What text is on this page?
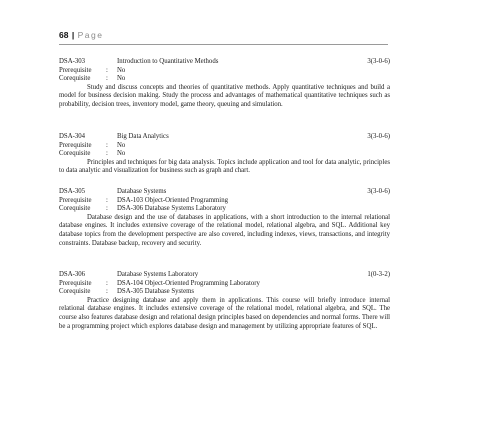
68 | Page
DSA-303	Introduction to Quantitative Methods	3(3-0-6)
Prerequisite : No
Corequisite : No

Study and discuss concepts and theories of quantitative methods. Apply quantitative techniques and build a model for business decision making. Study the process and advantages of mathematical quantitative techniques such as probability, decision trees, inventory model, game theory, queuing and simulation.

DSA-304	Big Data Analytics	3(3-0-6)
Prerequisite : No
Corequisite : No

Principles and techniques for big data analysis. Topics include application and tool for data analytic, principles to data analytic and visualization for business such as graph and chart.

DSA-305	Database Systems	3(3-0-6)
Prerequisite : DSA-103 Object-Oriented Programming
Corequisite : DSA-306 Database Systems Laboratory

Database design and the use of databases in applications, with a short introduction to the internal relational database engines. It includes extensive coverage of the relational model, relational algebra, and SQL. Additional key database topics from the development perspective are also covered, including indexes, views, transactions, and integrity constraints. Database backup, recovery and security.

DSA-306	Database Systems Laboratory	1(0-3-2)
Prerequisite : DSA-104 Object-Oriented Programming Laboratory
Corequisite : DSA-305 Database Systems

Practice designing database and apply them in applications. This course will briefly introduce internal relational database engines. It includes extensive coverage of the relational model, relational algebra, and SQL. The course also features database design and relational design principles based on dependencies and normal forms. There will be a programming project which explores database design and management by utilizing appropriate features of SQL.
